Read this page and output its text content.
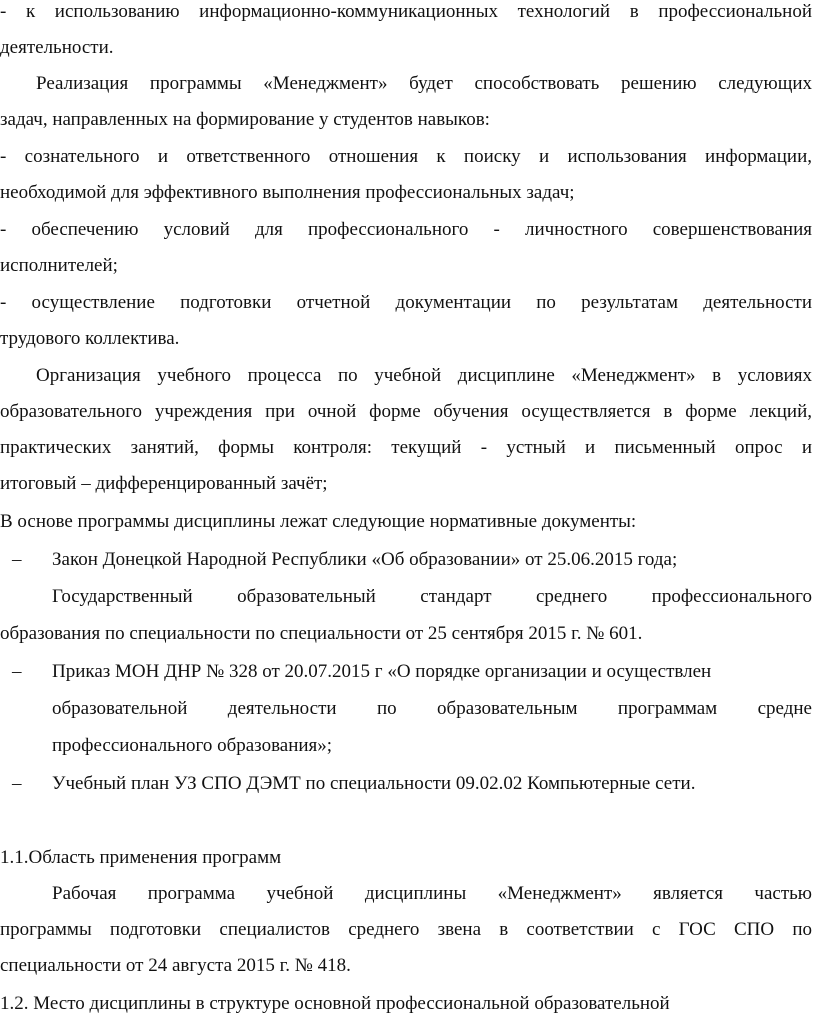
- к использованию информационно-коммуникационных технологий в профессиональной

деятельности.

Реализация программы «Менеджмент» будет способствовать решению следующих

задач, направленных на формирование у студентов навыков:

- сознательного и ответственного отношения к поиску и использования информации,

необходимой для эффективного выполнения профессиональных задач;

- обеспечению условий для профессионального - личностного совершенствования

исполнителей;

- осуществление подготовки отчетной документации по результатам деятельности

трудового коллектива.

Организация учебного процесса по учебной дисциплине «Менеджмент» в условиях

образовательного учреждения при очной форме обучения осуществляется в форме лекций,

практических занятий, формы контроля: текущий - устный и письменный опрос и

итоговый – дифференцированный зачёт;

В основе программы дисциплины лежат следующие нормативные документы:

–	Закон Донецкой Народной Республики «Об образовании» от 25.06.2015 года;

Государственный образовательный стандарт среднего профессионального

образования по специальности по специальности от 25 сентября 2015 г. № 601.

–	Приказ МОН ДНР № 328 от 20.07.2015 г «О порядке организации и осуществлен

образовательной деятельности по образовательным программам средне

профессионального образования»;

–	Учебный план УЗ СПО ДЭМТ по специальности 09.02.02 Компьютерные сети.

1.1.Область применения программ

Рабочая программа учебной дисциплины «Менеджмент» является частью

программы подготовки специалистов среднего звена в соответствии с ГОС СПО по

специальности от 24 августа 2015 г. № 418.

1.2. Место дисциплины в структуре основной профессиональной образовательной
